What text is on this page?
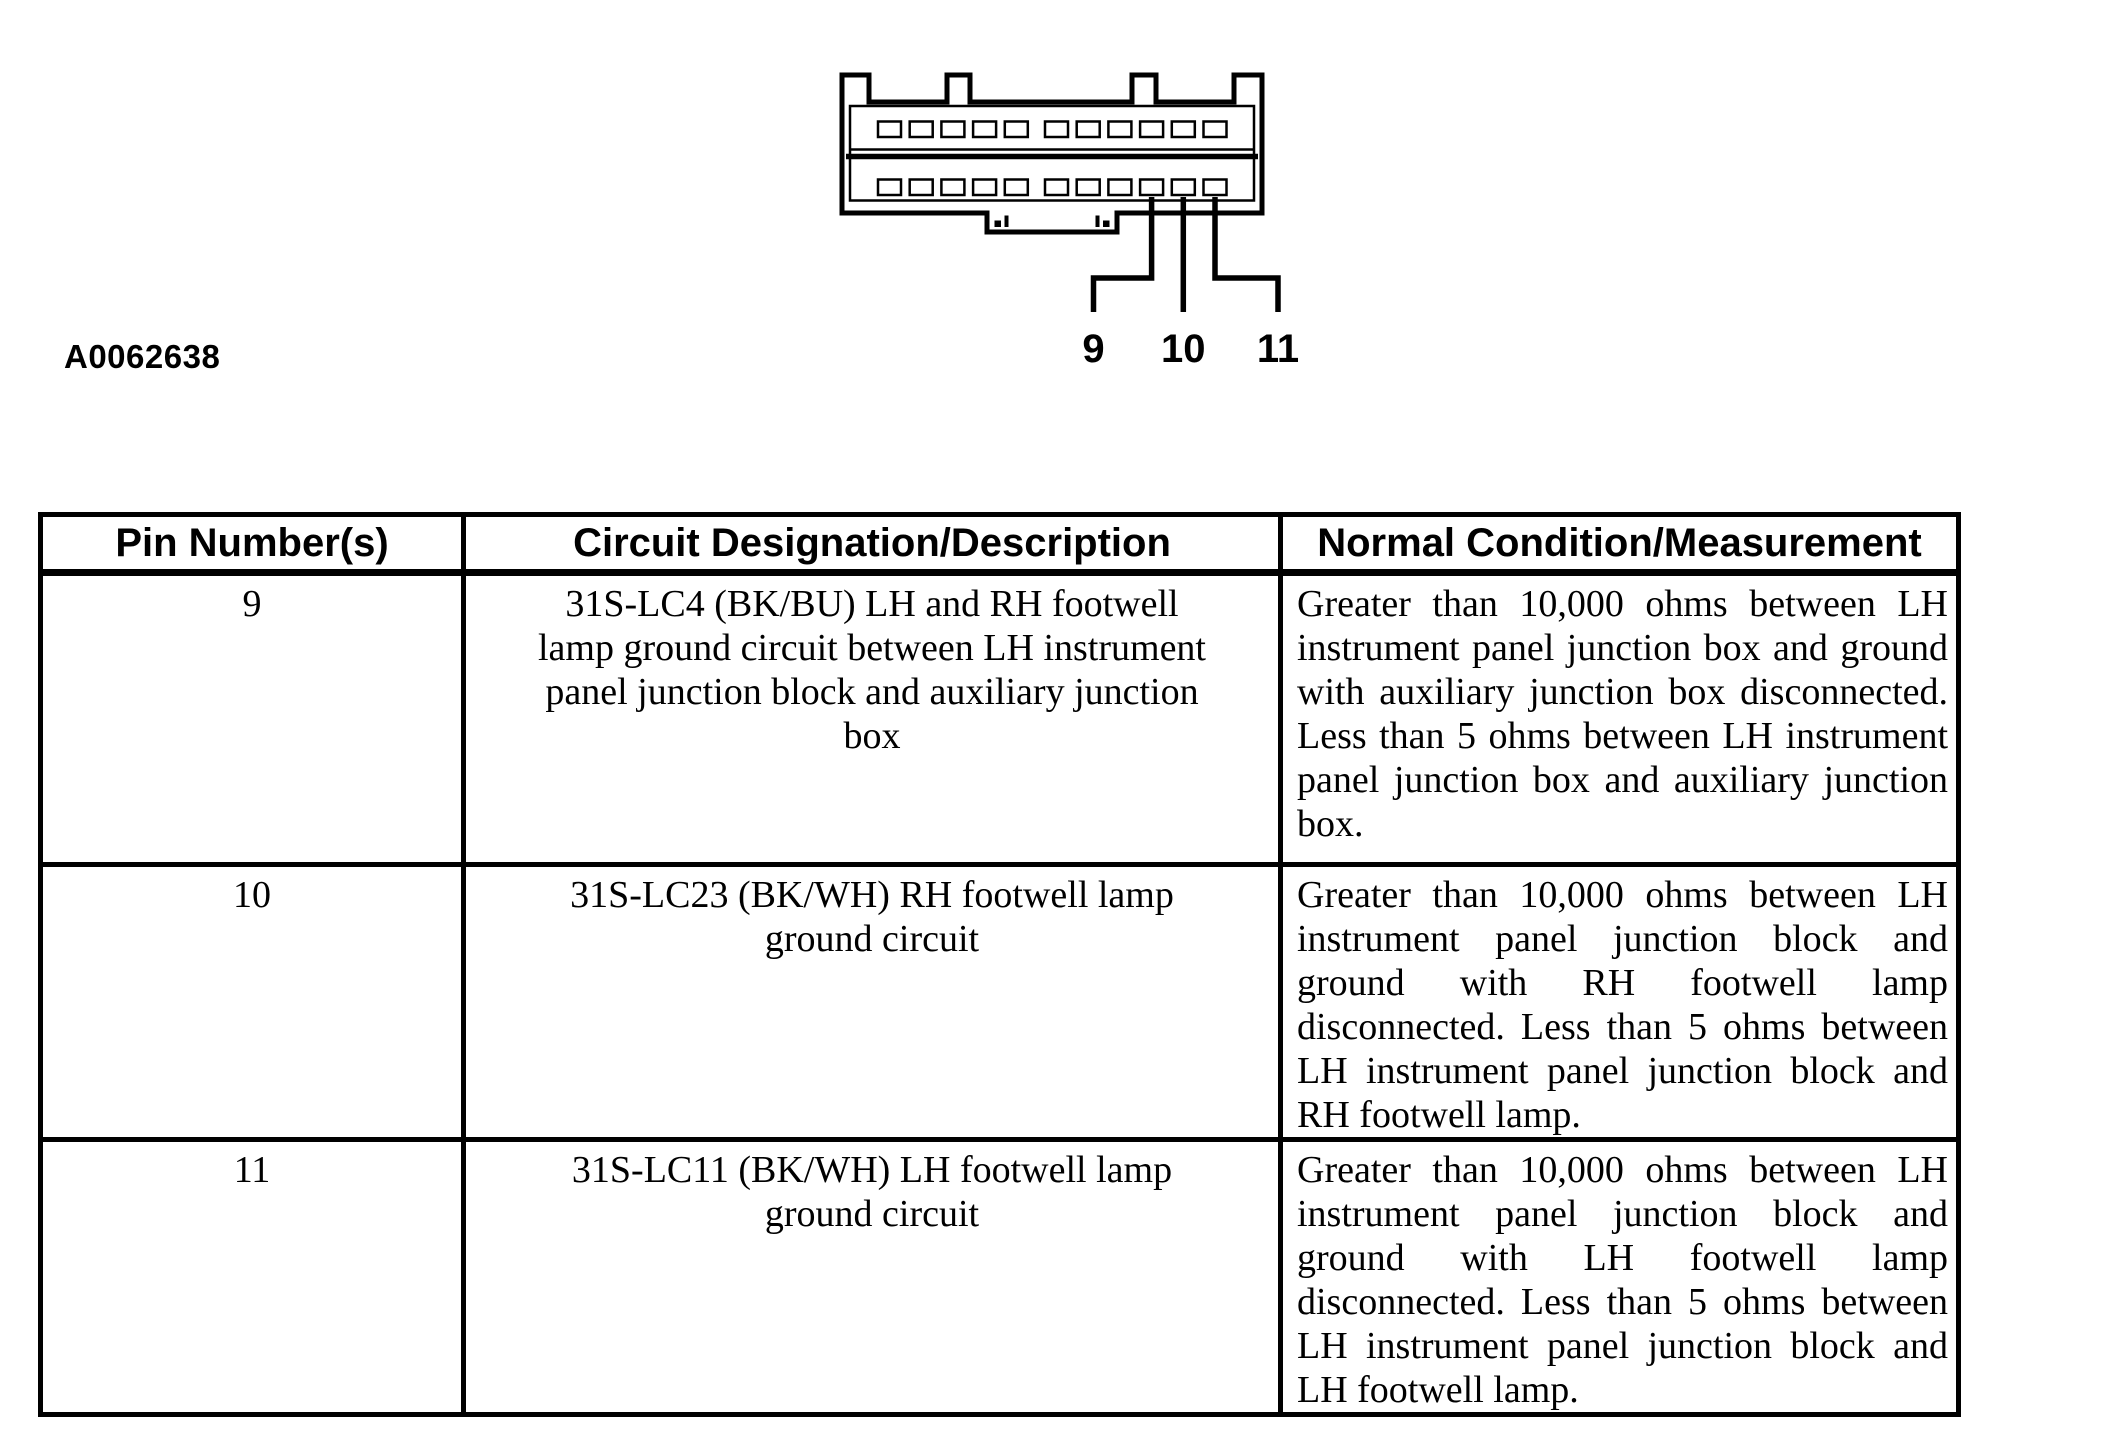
A0062638	9 10 11
Pin Number(s)	Circuit Designation/Description	Normal Condition/Measurement
9	31S-LC4 (BK/BU) LH and RH footwell lamp ground circuit between LH instrument panel junction block and auxiliary junction box	Greater than 10,000 ohms between LH instrument panel junction box and ground with auxiliary junction box disconnected. Less than 5 ohms between LH instrument panel junction box and auxiliary junction box.
10	31S-LC23 (BK/WH) RH footwell lamp ground circuit	Greater than 10,000 ohms between LH instrument panel junction block and ground with RH footwell lamp disconnected. Less than 5 ohms between LH instrument panel junction block and RH footwell lamp.
11	31S-LC11 (BK/WH) LH footwell lamp ground circuit	Greater than 10,000 ohms between LH instrument panel junction block and ground with LH footwell lamp disconnected. Less than 5 ohms between LH instrument panel junction block and LH footwell lamp.
